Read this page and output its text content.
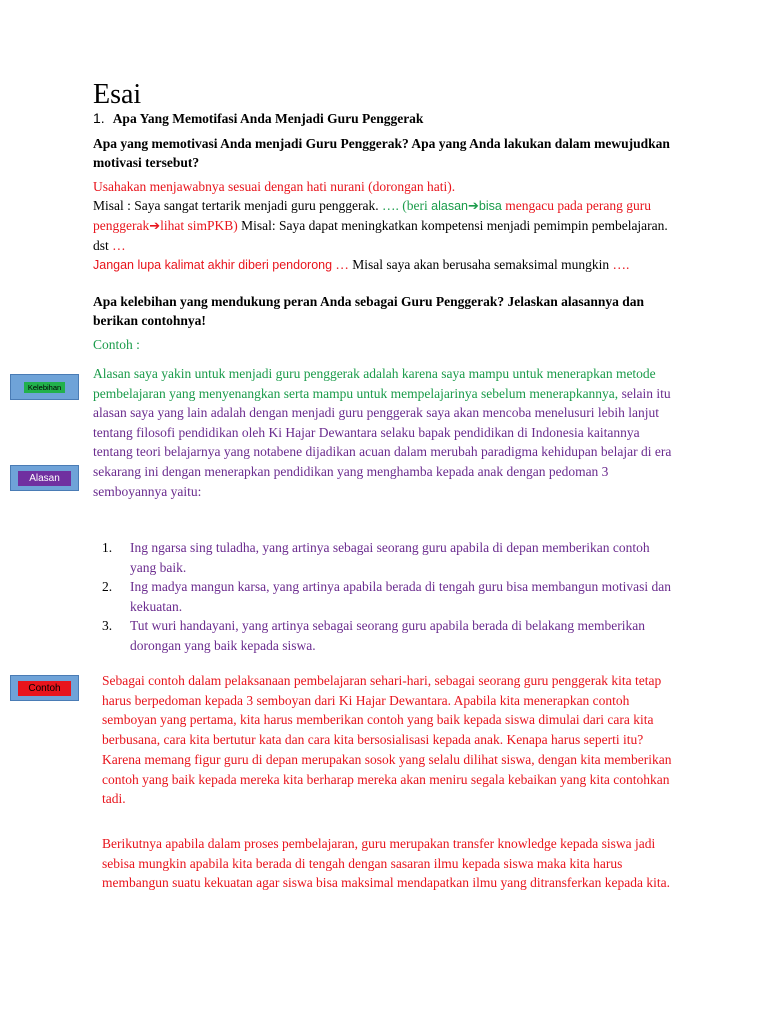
Esai
1. Apa Yang Memotifasi Anda Menjadi Guru Penggerak
Apa yang memotivasi Anda menjadi Guru Penggerak? Apa yang Anda lakukan dalam mewujudkan motivasi tersebut?
Usahakan menjawabnya sesuai dengan hati nurani (dorongan hati).
Misal : Saya sangat tertarik menjadi guru penggerak. …. (beri alasan➔bisa mengacu pada perang guru penggerak➔lihat simPKB) Misal: Saya dapat meningkatkan kompetensi menjadi pemimpin pembelajaran. dst …
Jangan lupa kalimat akhir diberi pendorong … Misal saya akan berusaha semaksimal mungkin ….
Apa kelebihan yang mendukung peran Anda sebagai Guru Penggerak? Jelaskan alasannya dan berikan contohnya!
Contoh :
Alasan saya yakin untuk menjadi guru penggerak adalah karena saya mampu untuk menerapkan metode pembelajaran yang menyenangkan serta mampu untuk mempelajarinya sebelum menerapkannya, selain itu alasan saya yang lain adalah dengan menjadi guru penggerak saya akan mencoba menelusuri lebih lanjut tentang filosofi pendidikan oleh Ki Hajar Dewantara selaku bapak pendidikan di Indonesia kaitannya tentang teori belajarnya yang notabene dijadikan acuan dalam merubah paradigma kehidupan belajar di era sekarang ini dengan menerapkan pendidikan yang menghamba kepada anak dengan pedoman 3 semboyannya yaitu:
1. Ing ngarsa sing tuladha, yang artinya sebagai seorang guru apabila di depan memberikan contoh yang baik.
2. Ing madya mangun karsa, yang artinya apabila berada di tengah guru bisa membangun motivasi dan kekuatan.
3. Tut wuri handayani, yang artinya sebagai seorang guru apabila berada di belakang memberikan dorongan yang baik kepada siswa.
Sebagai contoh dalam pelaksanaan pembelajaran sehari-hari, sebagai seorang guru penggerak kita tetap harus berpedoman kepada 3 semboyan dari Ki Hajar Dewantara. Apabila kita menerapkan contoh semboyan yang pertama, kita harus memberikan contoh yang baik kepada siswa dimulai dari cara kita berbusana, cara kita bertutur kata dan cara kita bersosialisasi kepada anak. Kenapa harus seperti itu? Karena memang figur guru di depan merupakan sosok yang selalu dilihat siswa, dengan kita memberikan contoh yang baik kepada mereka kita berharap mereka akan meniru segala kebaikan yang kita contohkan tadi.
Berikutnya apabila dalam proses pembelajaran, guru merupakan transfer knowledge kepada siswa jadi sebisa mungkin apabila kita berada di tengah dengan sasaran ilmu kepada siswa maka kita harus membangun suatu kekuatan agar siswa bisa maksimal mendapatkan ilmu yang ditransferkan kepada kita.
Kelebihan
Alasan
Contoh
